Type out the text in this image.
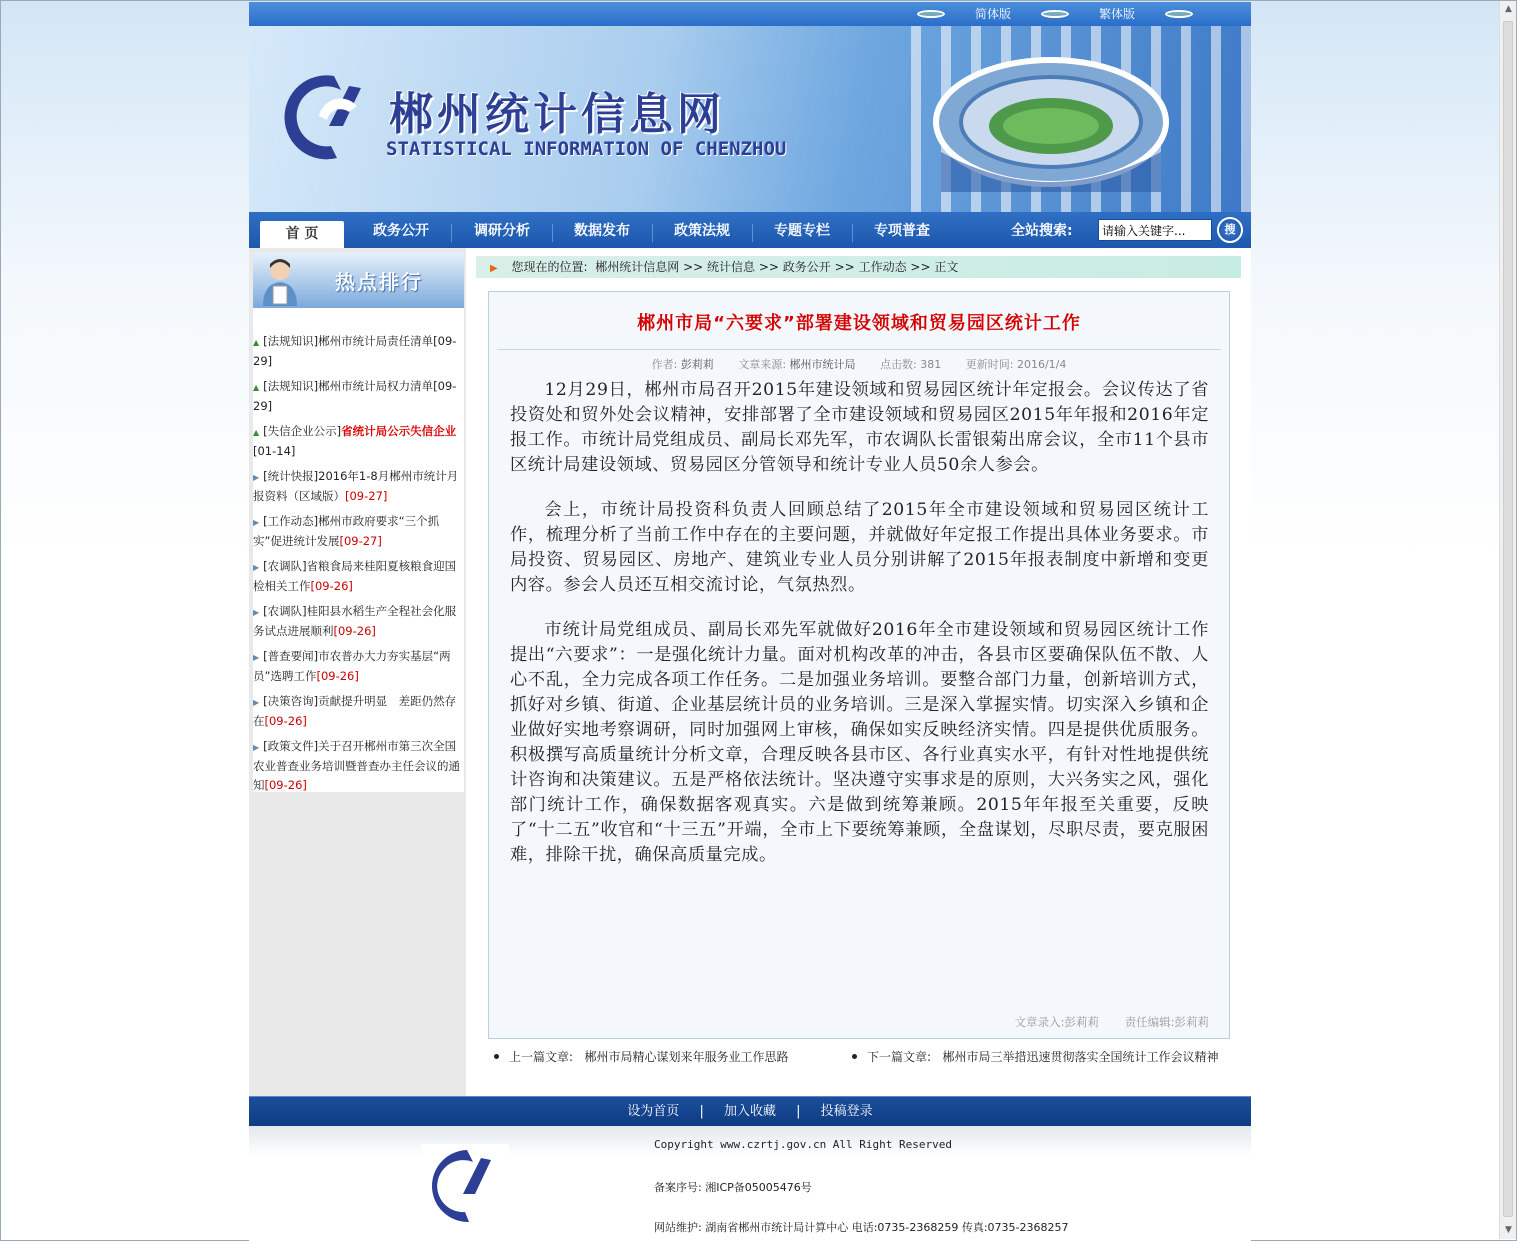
▲
▼
简体版	繁体版
郴州统计信息网
STATISTICAL INFORMATION OF CHENZHOU
首 页	政务公开	调研分析	数据发布	政策法规	专题专栏	专项普查	全站搜索:
请输入关键字...	搜
热点排行
▲ [法规知识]郴州市统计局责任清单[09-29]
▲ [法规知识]郴州市统计局权力清单[09-29]
▲ [失信企业公示]省统计局公示失信企业[01-14]
▶ [统计快报]2016年1-8月郴州市统计月报资料（区域版）[09-27]
▶ [工作动态]郴州市政府要求“三个抓实”促进统计发展[09-27]
▶ [农调队]省粮食局来桂阳夏核粮食迎国检相关工作[09-26]
▶ [农调队]桂阳县水稻生产全程社会化服务试点进展顺利[09-26]
▶ [普查要闻]市农普办大力夯实基层“两员”选聘工作[09-26]
▶ [决策咨询]贡献提升明显　差距仍然存在[09-26]
▶ [政策文件]关于召开郴州市第三次全国农业普查业务培训暨普查办主任会议的通知[09-26]
▶ 您现在的位置: 郴州统计信息网 >> 统计信息 >> 政务公开 >> 工作动态 >> 正文
郴州市局“六要求”部署建设领域和贸易园区统计工作
作者: 彭莉莉 文章来源: 郴州市统计局 点击数: 381 更新时间: 2016/1/4

12月29日，郴州市局召开2015年建设领域和贸易园区统计年定报会。会议传达了省投资处和贸外处会议精神，安排部署了全市建设领域和贸易园区2015年年报和2016年定报工作。市统计局党组成员、副局长邓先军，市农调队长雷银菊出席会议，全市11个县市区统计局建设领域、贸易园区分管领导和统计专业人员50余人参会。

会上，市统计局投资科负责人回顾总结了2015年全市建设领域和贸易园区统计工作，梳理分析了当前工作中存在的主要问题，并就做好年定报工作提出具体业务要求。市局投资、贸易园区、房地产、建筑业专业人员分别讲解了2015年报表制度中新增和变更内容。参会人员还互相交流讨论，气氛热烈。

市统计局党组成员、副局长邓先军就做好2016年全市建设领域和贸易园区统计工作提出“六要求”：一是强化统计力量。面对机构改革的冲击，各县市区要确保队伍不散、人心不乱，全力完成各项工作任务。二是加强业务培训。要整合部门力量，创新培训方式，抓好对乡镇、街道、企业基层统计员的业务培训。三是深入掌握实情。切实深入乡镇和企业做好实地考察调研，同时加强网上审核，确保如实反映经济实情。四是提供优质服务。积极撰写高质量统计分析文章，合理反映各县市区、各行业真实水平，有针对性地提供统计咨询和决策建议。五是严格依法统计。坚决遵守实事求是的原则，大兴务实之风，强化部门统计工作，确保数据客观真实。六是做到统筹兼顾。2015年年报至关重要，反映了“十二五”收官和“十三五”开端，全市上下要统筹兼顾，全盘谋划，尽职尽责，要克服困难，排除干扰，确保高质量完成。

文章录入:彭莉莉 责任编辑:彭莉莉
上一篇文章: 郴州市局精心谋划来年服务业工作思路	下一篇文章: 郴州市局三举措迅速贯彻落实全国统计工作会议精神
设为首页 | 加入收藏 | 投稿登录
Copyright www.czrtj.gov.cn All Right Reserved
备案序号: 湘ICP备05005476号
网站维护: 湖南省郴州市统计局计算中心 电话:0735-2368259 传真:0735-2368257
